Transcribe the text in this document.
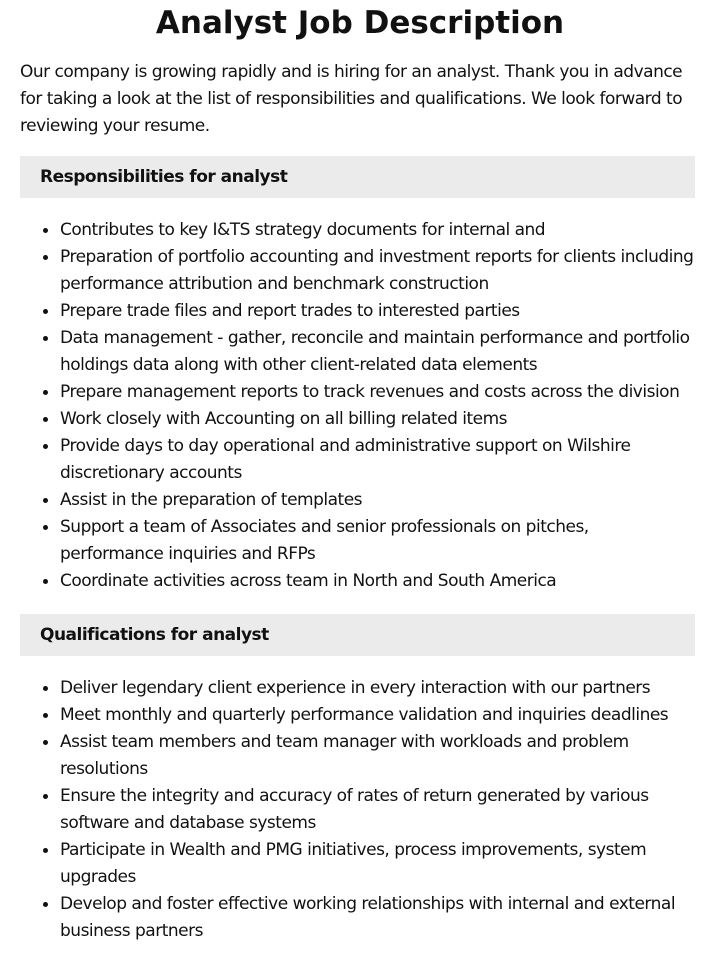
Analyst Job Description

Our company is growing rapidly and is hiring for an analyst. Thank you in advance for taking a look at the list of responsibilities and qualifications. We look forward to reviewing your resume.

Responsibilities for analyst
Contributes to key I&TS strategy documents for internal and
Preparation of portfolio accounting and investment reports for clients including performance attribution and benchmark construction
Prepare trade files and report trades to interested parties
Data management - gather, reconcile and maintain performance and portfolio holdings data along with other client-related data elements
Prepare management reports to track revenues and costs across the division
Work closely with Accounting on all billing related items
Provide days to day operational and administrative support on Wilshire discretionary accounts
Assist in the preparation of templates
Support a team of Associates and senior professionals on pitches, performance inquiries and RFPs
Coordinate activities across team in North and South America
Qualifications for analyst
Deliver legendary client experience in every interaction with our partners
Meet monthly and quarterly performance validation and inquiries deadlines
Assist team members and team manager with workloads and problem resolutions
Ensure the integrity and accuracy of rates of return generated by various software and database systems
Participate in Wealth and PMG initiatives, process improvements, system upgrades
Develop and foster effective working relationships with internal and external business partners
